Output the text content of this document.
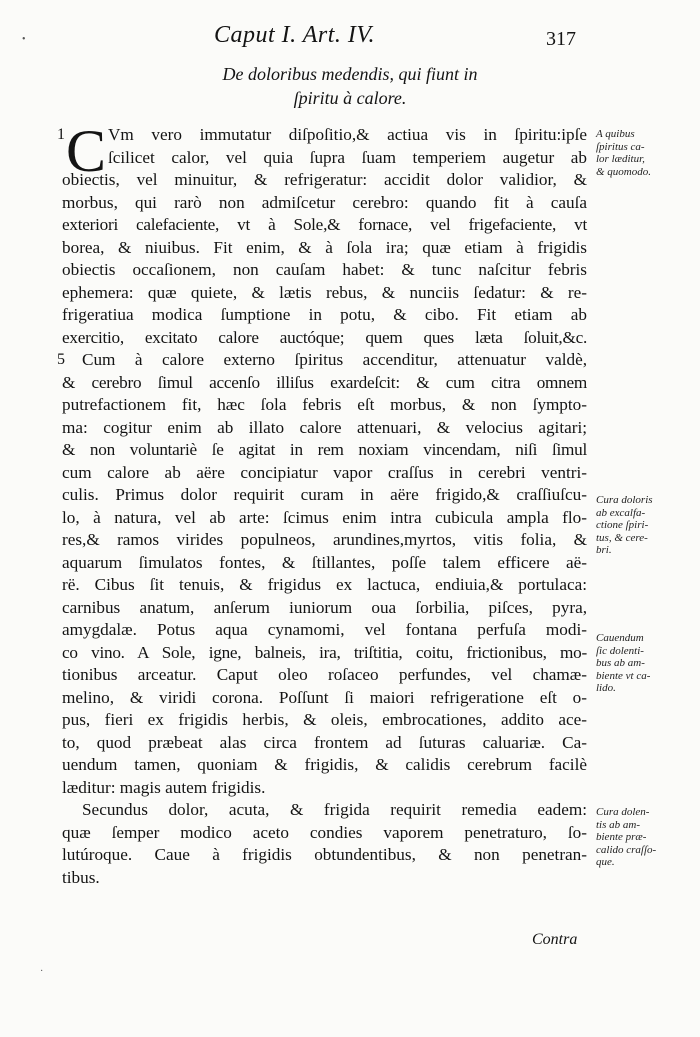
Caput I. Art. IV.	317
De doloribus medendis, qui fiunt in
ſpiritu à calore.
1 C Vm vero immutatur diſpoſitio,& actiua vis in ſpiritu:ipſe
ſcilicet calor, vel quia ſupra ſuam temperiem augetur ab
obiectis, vel minuitur, & refrigeratur: accidit dolor validior, &
morbus, qui rarò non admiſcetur cerebro: quando fit à cauſa
exteriori calefaciente, vt à Sole,& fornace, vel frigefaciente, vt
borea, & niuibus. Fit enim, & à ſola ira; quæ etiam à frigidis
obiectis occaſionem, non cauſam habet: & tunc naſcitur febris
ephemera: quæ quiete, & lætis rebus, & nunciis ſedatur: & re-
frigeratiua modica ſumptione in potu, & cibo. Fit etiam ab
exercitio, excitato calore auctóque; quem ques læta ſoluit,&c.
5 Cum à calore externo ſpiritus accenditur, attenuatur valdè,
& cerebro ſimul accenſo illiſus exardeſcit: & cum citra omnem
putrefactionem fit, hæc ſola febris eſt morbus, & non ſympto-
ma: cogitur enim ab illato calore attenuari, & velocius agitari;
& non voluntariè ſe agitat in rem noxiam vincendam, niſi ſimul
cum calore ab aëre concipiatur vapor craſſus in cerebri ventri-
culis. Primus dolor requirit curam in aëre frigido,& craſſiuſcu-
lo, à natura, vel ab arte: ſcimus enim intra cubicula ampla flo-
res,& ramos virides populneos, arundines,myrtos, vitis folia, &
aquarum ſimulatos fontes, & ſtillantes, poſſe talem efficere aë-
rë. Cibus ſit tenuis, & frigidus ex lactuca, endiuia,& portulaca:
carnibus anatum, anſerum iuniorum oua ſorbilia, piſces, pyra,
amygdalæ. Potus aqua cynamomi, vel fontana perfuſa modi-
co vino. A Sole, igne, balneis, ira, triſtitia, coitu, frictionibus, mo-
tionibus arceatur. Caput oleo roſaceo perfundes, vel chamæ-
melino, & viridi corona. Poſſunt ſi maiori refrigeratione eſt o-
pus, fieri ex frigidis herbis, & oleis, embrocationes, addito ace-
to, quod præbeat alas circa frontem ad ſuturas caluariæ. Ca-
uendum tamen, quoniam & frigidis, & calidis cerebrum facilè
læditur: magis autem frigidis.
Secundus dolor, acuta, & frigida requirit remedia eadem:
quæ ſemper modico aceto condies vaporem penetraturo, ſo-
lutúroque. Caue à frigidis obtundentibus, & non penetran-
tibus.
A quibus
ſpiritus ca-
lor læditur,
& quomodo.
Cura doloris
ab excalfa-
ctione ſpiri-
tus, & cere-
bri.
Cauendum
ſic dolenti-
bus ab am-
biente vt ca-
lido.
Cura dolen-
tis ab am-
biente præ-
calido craſſo-
que.
Contra
•
·
